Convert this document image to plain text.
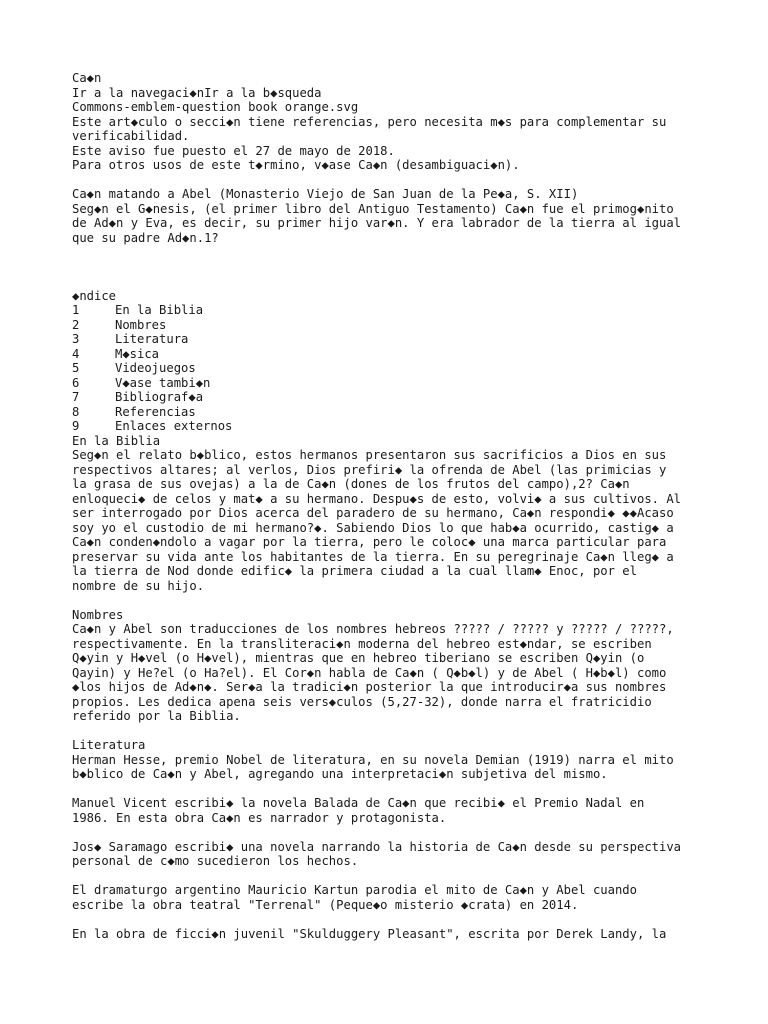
Ca◆n
Ir a la navegaci◆nIr a la b◆squeda
Commons-emblem-question book orange.svg
Este art◆culo o secci◆n tiene referencias, pero necesita m◆s para complementar su
verificabilidad.
Este aviso fue puesto el 27 de mayo de 2018.
Para otros usos de este t◆rmino, v◆ase Ca◆n (desambiguaci◆n).
Ca◆n matando a Abel (Monasterio Viejo de San Juan de la Pe◆a, S. XII)
Seg◆n el G◆nesis, (el primer libro del Antiguo Testamento) Ca◆n fue el primog◆nito
de Ad◆n y Eva, es decir, su primer hijo var◆n. Y era labrador de la tierra al igual
que su padre Ad◆n.1?
◆ndice
1	En la Biblia
2	Nombres
3	Literatura
4	M◆sica
5	Videojuegos
6	V◆ase tambi◆n
7	Bibliograf◆a
8	Referencias
9	Enlaces externos
En la Biblia
Seg◆n el relato b◆blico, estos hermanos presentaron sus sacrificios a Dios en sus
respectivos altares; al verlos, Dios prefiri◆ la ofrenda de Abel (las primicias y
la grasa de sus ovejas) a la de Ca◆n (dones de los frutos del campo),2? Ca◆n
enloqueci◆ de celos y mat◆ a su hermano. Despu◆s de esto, volvi◆ a sus cultivos. Al
ser interrogado por Dios acerca del paradero de su hermano, Ca◆n respondi◆ ◆◆Acaso
soy yo el custodio de mi hermano?◆. Sabiendo Dios lo que hab◆a ocurrido, castig◆ a
Ca◆n conden◆ndolo a vagar por la tierra, pero le coloc◆ una marca particular para
preservar su vida ante los habitantes de la tierra. En su peregrinaje Ca◆n lleg◆ a
la tierra de Nod donde edific◆ la primera ciudad a la cual llam◆ Enoc, por el
nombre de su hijo.
Nombres
Ca◆n y Abel son traducciones de los nombres hebreos ????? / ????? y ????? / ?????,
respectivamente. En la transliteraci◆n moderna del hebreo est◆ndar, se escriben
Q◆yin y H◆vel (o H◆vel), mientras que en hebreo tiberiano se escriben Q◆yin (o
Qayin) y He?el (o Ha?el). El Cor◆n habla de Ca◆n ( Q◆b◆l) y de Abel ( H◆b◆l) como
◆los hijos de Ad◆n◆. Ser◆a la tradici◆n posterior la que introducir◆a sus nombres
propios. Les dedica apena seis vers◆culos (5,27-32), donde narra el fratricidio
referido por la Biblia.
Literatura
Herman Hesse, premio Nobel de literatura, en su novela Demian (1919) narra el mito
b◆blico de Ca◆n y Abel, agregando una interpretaci◆n subjetiva del mismo.
Manuel Vicent escribi◆ la novela Balada de Ca◆n que recibi◆ el Premio Nadal en
1986. En esta obra Ca◆n es narrador y protagonista.
Jos◆ Saramago escribi◆ una novela narrando la historia de Ca◆n desde su perspectiva
personal de c◆mo sucedieron los hechos.
El dramaturgo argentino Mauricio Kartun parodia el mito de Ca◆n y Abel cuando
escribe la obra teatral "Terrenal" (Peque◆o misterio ◆crata) en 2014.
En la obra de ficci◆n juvenil "Skulduggery Pleasant", escrita por Derek Landy, la
